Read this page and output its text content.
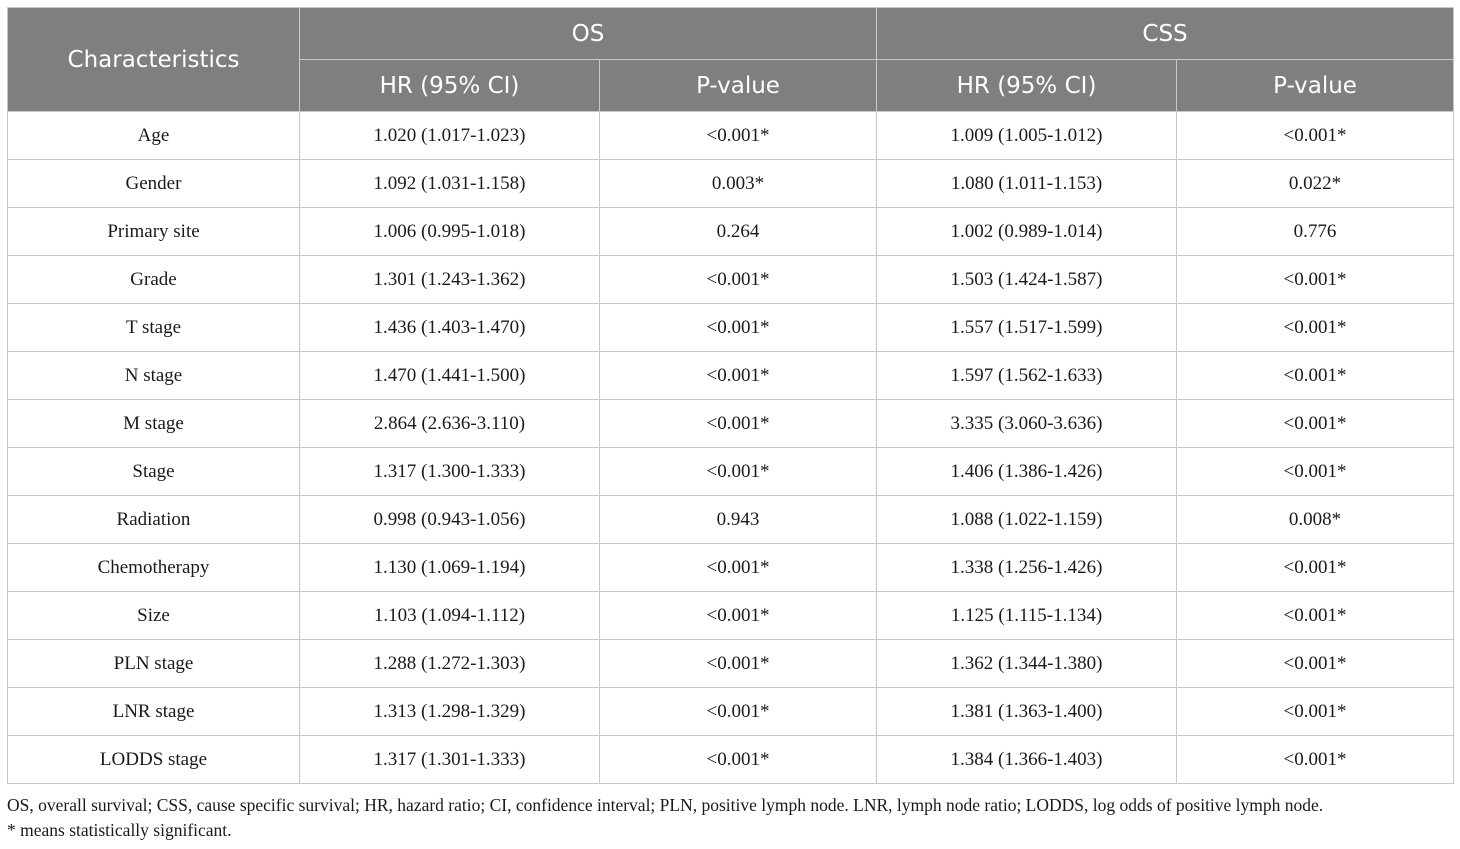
Characteristics	OS		CSS	
	HR (95% CI)	P-value	HR (95% CI)	P-value
Age	1.020 (1.017-1.023)	<0.001*	1.009 (1.005-1.012)	<0.001*
Gender	1.092 (1.031-1.158)	0.003*	1.080 (1.011-1.153)	0.022*
Primary site	1.006 (0.995-1.018)	0.264	1.002 (0.989-1.014)	0.776
Grade	1.301 (1.243-1.362)	<0.001*	1.503 (1.424-1.587)	<0.001*
T stage	1.436 (1.403-1.470)	<0.001*	1.557 (1.517-1.599)	<0.001*
N stage	1.470 (1.441-1.500)	<0.001*	1.597 (1.562-1.633)	<0.001*
M stage	2.864 (2.636-3.110)	<0.001*	3.335 (3.060-3.636)	<0.001*
Stage	1.317 (1.300-1.333)	<0.001*	1.406 (1.386-1.426)	<0.001*
Radiation	0.998 (0.943-1.056)	0.943	1.088 (1.022-1.159)	0.008*
Chemotherapy	1.130 (1.069-1.194)	<0.001*	1.338 (1.256-1.426)	<0.001*
Size	1.103 (1.094-1.112)	<0.001*	1.125 (1.115-1.134)	<0.001*
PLN stage	1.288 (1.272-1.303)	<0.001*	1.362 (1.344-1.380)	<0.001*
LNR stage	1.313 (1.298-1.329)	<0.001*	1.381 (1.363-1.400)	<0.001*
LODDS stage	1.317 (1.301-1.333)	<0.001*	1.384 (1.366-1.403)	<0.001*

OS, overall survival; CSS, cause specific survival; HR, hazard ratio; CI, confidence interval; PLN, positive lymph node. LNR, lymph node ratio; LODDS, log odds of positive lymph node.

* means statistically significant.
